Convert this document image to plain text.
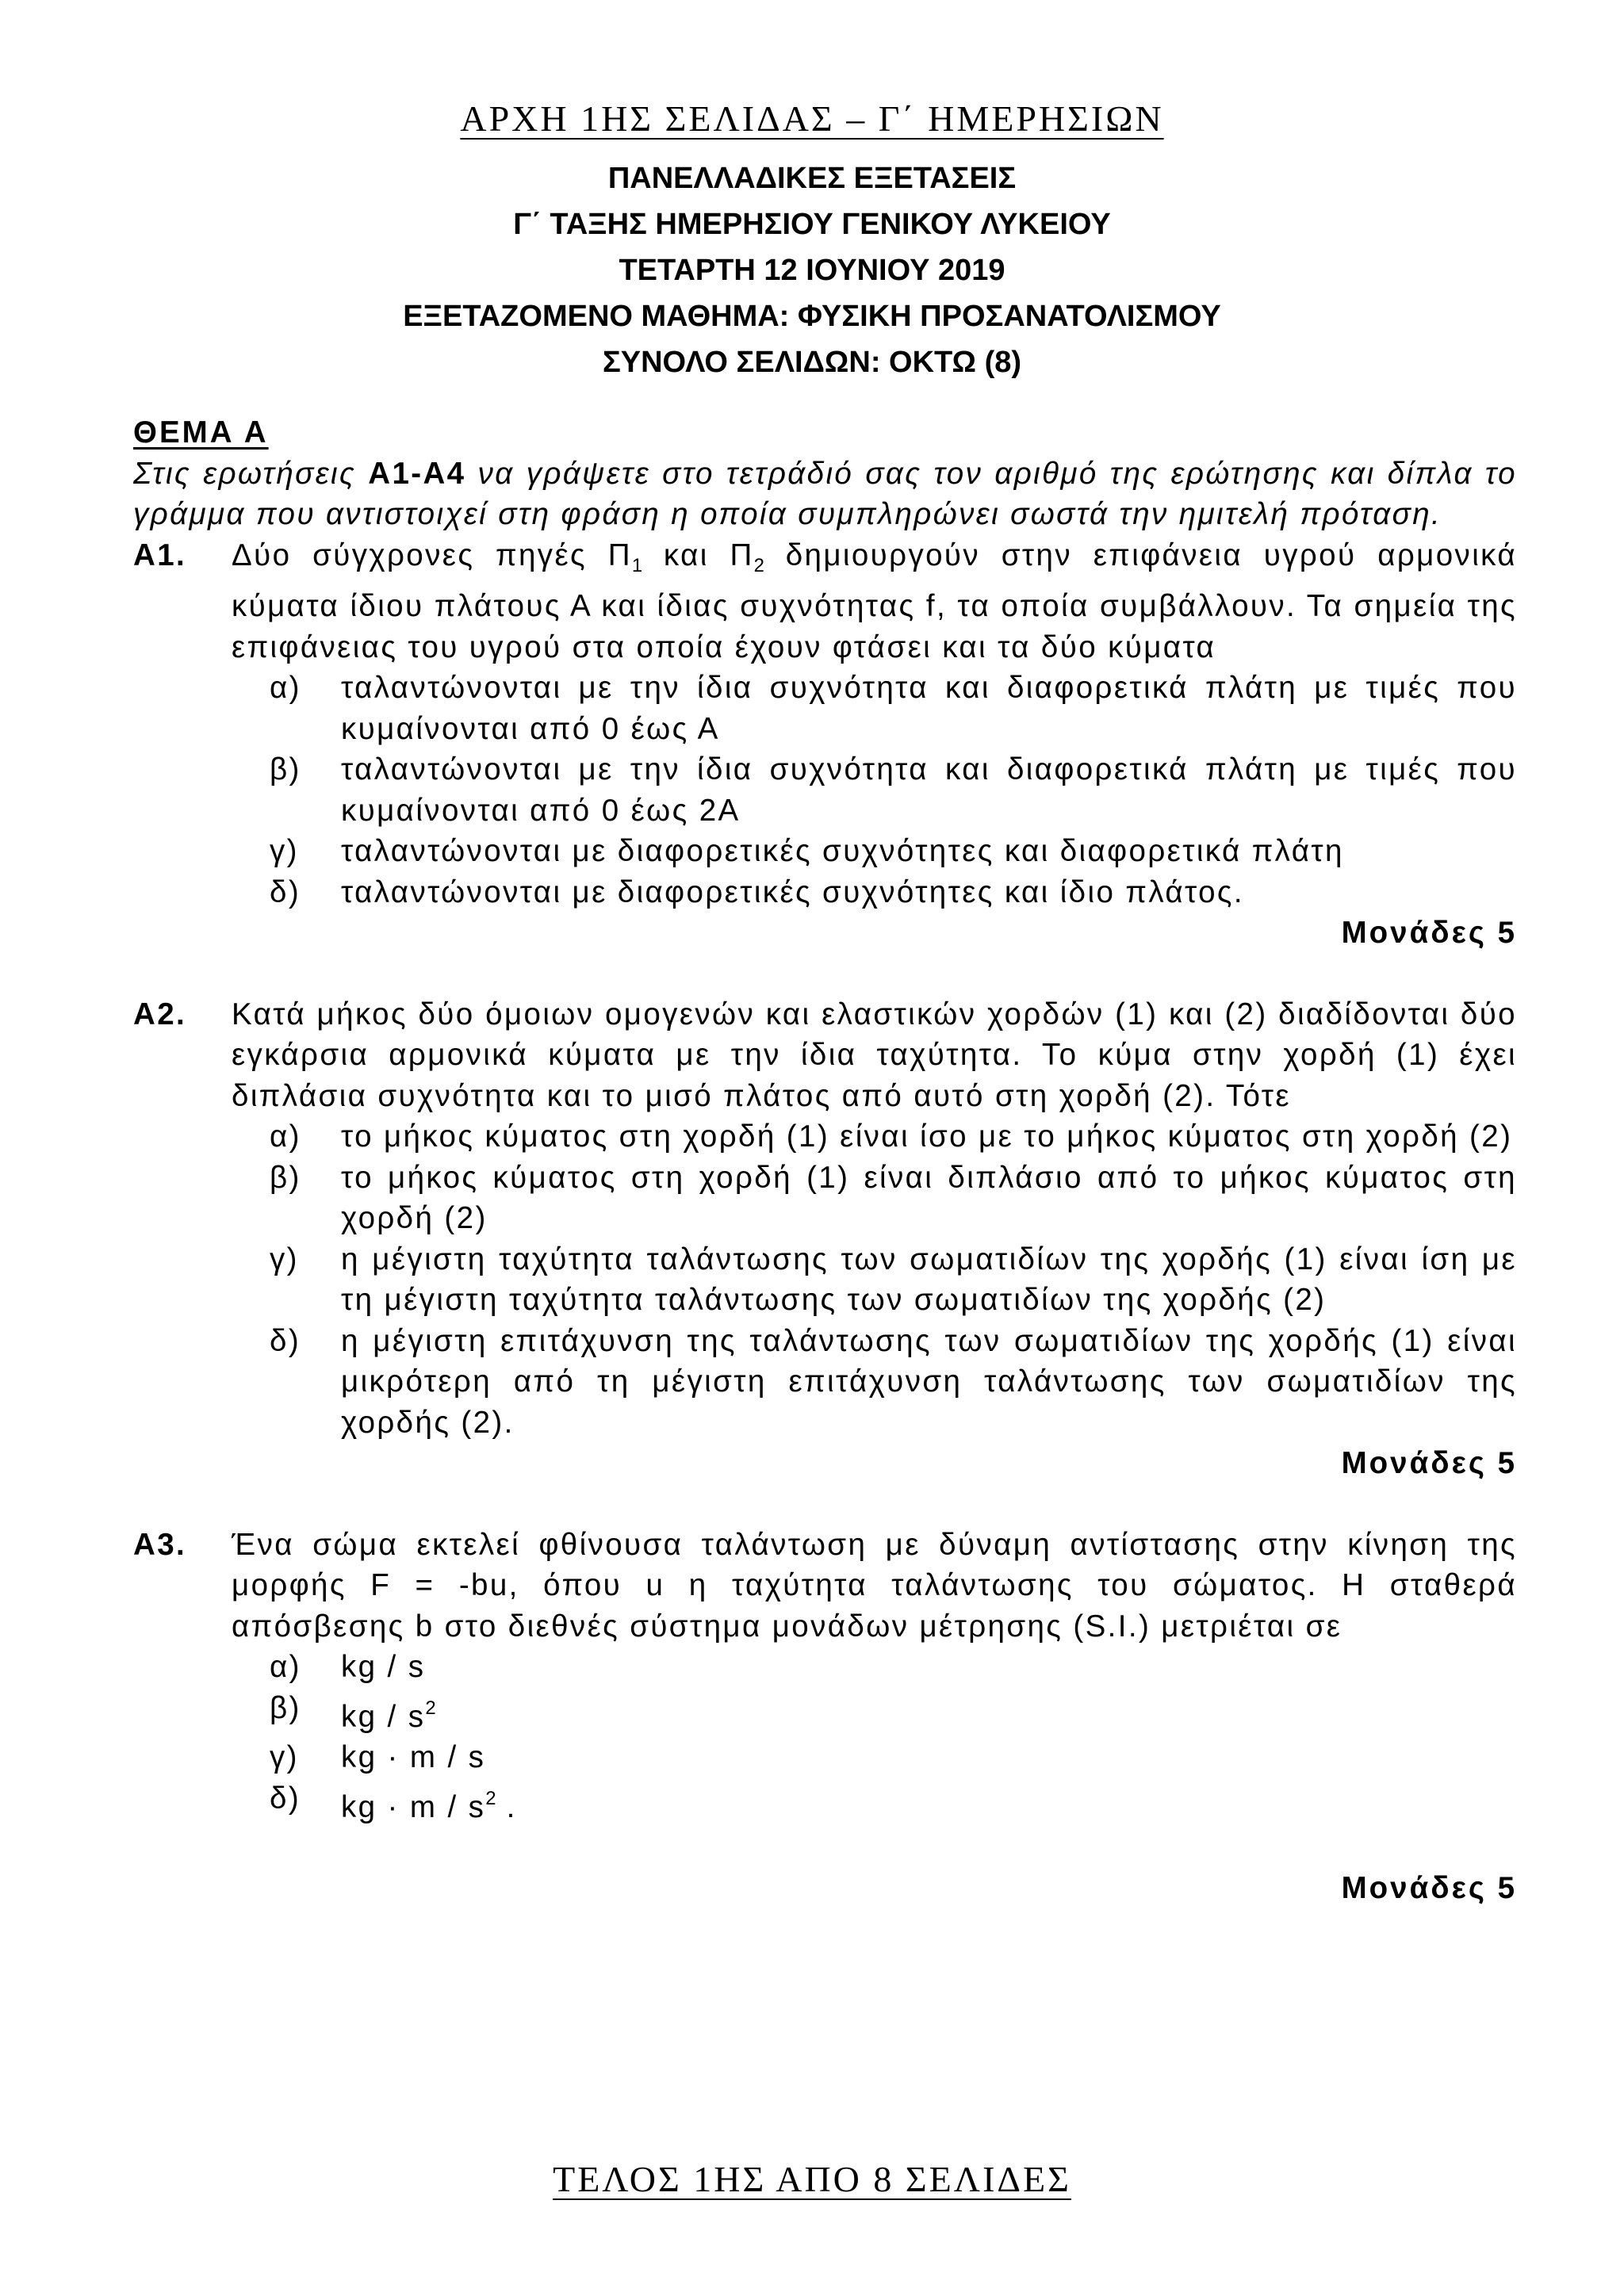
ΑΡΧΗ 1ΗΣ ΣΕΛΙΔΑΣ – Γ΄ ΗΜΕΡΗΣΙΩΝ
ΠΑΝΕΛΛΑΔΙΚΕΣ ΕΞΕΤΑΣΕΙΣ
Γ΄ ΤΑΞΗΣ ΗΜΕΡΗΣΙΟΥ ΓΕΝΙΚΟΥ ΛΥΚΕΙΟΥ
ΤΕΤΑΡΤΗ 12 ΙΟΥΝΙΟΥ 2019
ΕΞΕΤΑΖΟΜΕΝΟ ΜΑΘΗΜΑ: ΦΥΣΙΚΗ ΠΡΟΣΑΝΑΤΟΛΙΣΜΟΥ
ΣΥΝΟΛΟ ΣΕΛΙΔΩΝ: ΟΚΤΩ (8)
ΘΕΜΑ Α
Στις ερωτήσεις Α1-Α4 να γράψετε στο τετράδιό σας τον αριθμό της ερώτησης και δίπλα το γράμμα που αντιστοιχεί στη φράση η οποία συμπληρώνει σωστά την ημιτελή πρόταση.
Α1.	Δύο σύγχρονες πηγές $\Pi_1$ και $\Pi_2$ δημιουργούν στην επιφάνεια υγρού αρμονικά κύματα ίδιου πλάτους Α και ίδιας συχνότητας f, τα οποία συμβάλλουν. Τα σημεία της επιφάνειας του υγρού στα οποία έχουν φτάσει και τα δύο κύματα
α)	ταλαντώνονται με την ίδια συχνότητα και διαφορετικά πλάτη με τιμές που κυμαίνονται από 0 έως Α
β)	ταλαντώνονται με την ίδια συχνότητα και διαφορετικά πλάτη με τιμές που κυμαίνονται από 0 έως 2Α
γ)	ταλαντώνονται με διαφορετικές συχνότητες και διαφορετικά πλάτη
δ)	ταλαντώνονται με διαφορετικές συχνότητες και ίδιο πλάτος.
Μονάδες 5
Α2.	Κατά μήκος δύο όμοιων ομογενών και ελαστικών χορδών (1) και (2) διαδίδονται δύο εγκάρσια αρμονικά κύματα με την ίδια ταχύτητα. Το κύμα στην χορδή (1) έχει διπλάσια συχνότητα και το μισό πλάτος από αυτό στη χορδή (2). Τότε
α)	το μήκος κύματος στη χορδή (1) είναι ίσο με το μήκος κύματος στη χορδή (2)
β)	το μήκος κύματος στη χορδή (1) είναι διπλάσιο από το μήκος κύματος στη χορδή (2)
γ)	η μέγιστη ταχύτητα ταλάντωσης των σωματιδίων της χορδής (1) είναι ίση με τη μέγιστη ταχύτητα ταλάντωσης των σωματιδίων της χορδής (2)
δ)	η μέγιστη επιτάχυνση της ταλάντωσης των σωματιδίων της χορδής (1) είναι μικρότερη από τη μέγιστη επιτάχυνση ταλάντωσης των σωματιδίων της χορδής (2).
Μονάδες 5
Α3.	Ένα σώμα εκτελεί φθίνουσα ταλάντωση με δύναμη αντίστασης στην κίνηση της μορφής F = -bu, όπου u η ταχύτητα ταλάντωσης του σώματος. Η σταθερά απόσβεσης b στο διεθνές σύστημα μονάδων μέτρησης (S.I.) μετριέται σε
α)	kg / s
β)	kg / $s^2$
γ)	kg · m / s
δ)	kg · m / $s^2$ .
Μονάδες 5
ΤΕΛΟΣ 1ΗΣ ΑΠΟ 8 ΣΕΛΙΔΕΣ
